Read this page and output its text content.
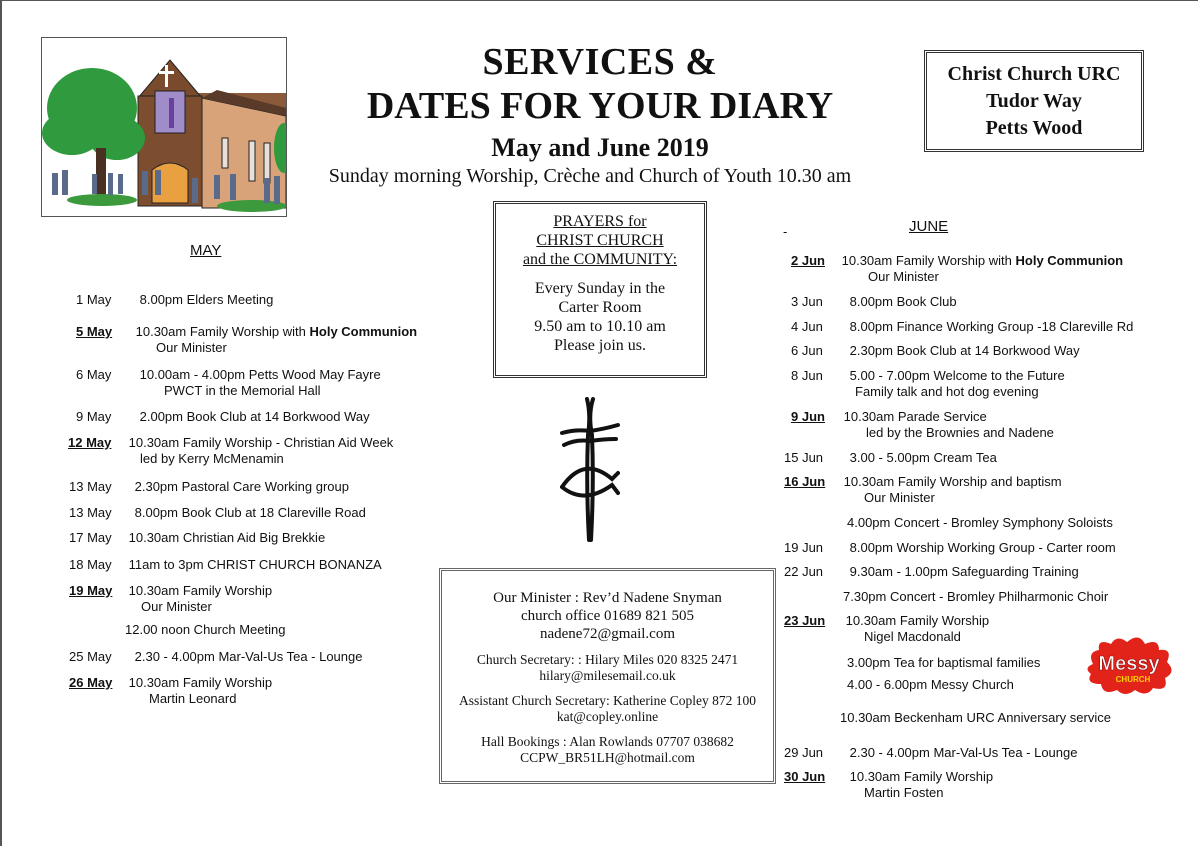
SERVICES &
DATES FOR YOUR DIARY
May and June 2019
Sunday morning Worship, Crèche and Church of Youth 10.30 am
Christ Church URC
Tudor Way
Petts Wood
MAY
1 May 8.00pm Elders Meeting
5 May 10.30am Family Worship with Holy Communion
Our Minister
6 May 10.00am - 4.00pm Petts Wood May Fayre
PWCT in the Memorial Hall
9 May 2.00pm Book Club at 14 Borkwood Way
12 May 10.30am Family Worship - Christian Aid Week
led by Kerry McMenamin
13 May 2.30pm Pastoral Care Working group
13 May 8.00pm Book Club at 18 Clareville Road
17 May 10.30am Christian Aid Big Brekkie
18 May 11am to 3pm CHRIST CHURCH BONANZA
19 May 10.30am Family Worship
Our Minister
12.00 noon Church Meeting
25 May 2.30 - 4.00pm Mar-Val-Us Tea - Lounge
26 May 10.30am Family Worship
Martin Leonard
PRAYERS for
CHRIST CHURCH
and the COMMUNITY:
Every Sunday in the
Carter Room
9.50 am to 10.10 am
Please join us.
Our Minister : Rev’d Nadene Snyman
church office 01689 821 505
nadene72@gmail.com
Church Secretary: : Hilary Miles 020 8325 2471
hilary@milesemail.co.uk
Assistant Church Secretary: Katherine Copley 872 100
kat@copley.online
Hall Bookings : Alan Rowlands 07707 038682
CCPW_BR51LH@hotmail.com
-	JUNE
2 Jun 10.30am Family Worship with Holy Communion
Our Minister
3 Jun 8.00pm Book Club
4 Jun 8.00pm Finance Working Group -18 Clareville Rd
6 Jun 2.30pm Book Club at 14 Borkwood Way
8 Jun 5.00 - 7.00pm Welcome to the Future
Family talk and hot dog evening
9 Jun 10.30am Parade Service
led by the Brownies and Nadene
15 Jun 3.00 - 5.00pm Cream Tea
16 Jun 10.30am Family Worship and baptism
Our Minister
4.00pm Concert - Bromley Symphony Soloists
19 Jun 8.00pm Worship Working Group - Carter room
22 Jun 9.30am - 1.00pm Safeguarding Training
7.30pm Concert - Bromley Philharmonic Choir
23 Jun 10.30am Family Worship
Nigel Macdonald
3.00pm Tea for baptismal families
4.00 - 6.00pm Messy Church
10.30am Beckenham URC Anniversary service
29 Jun 2.30 - 4.00pm Mar-Val-Us Tea - Lounge
30 Jun 10.30am Family Worship
Martin Fosten
Messy
CHURCH
